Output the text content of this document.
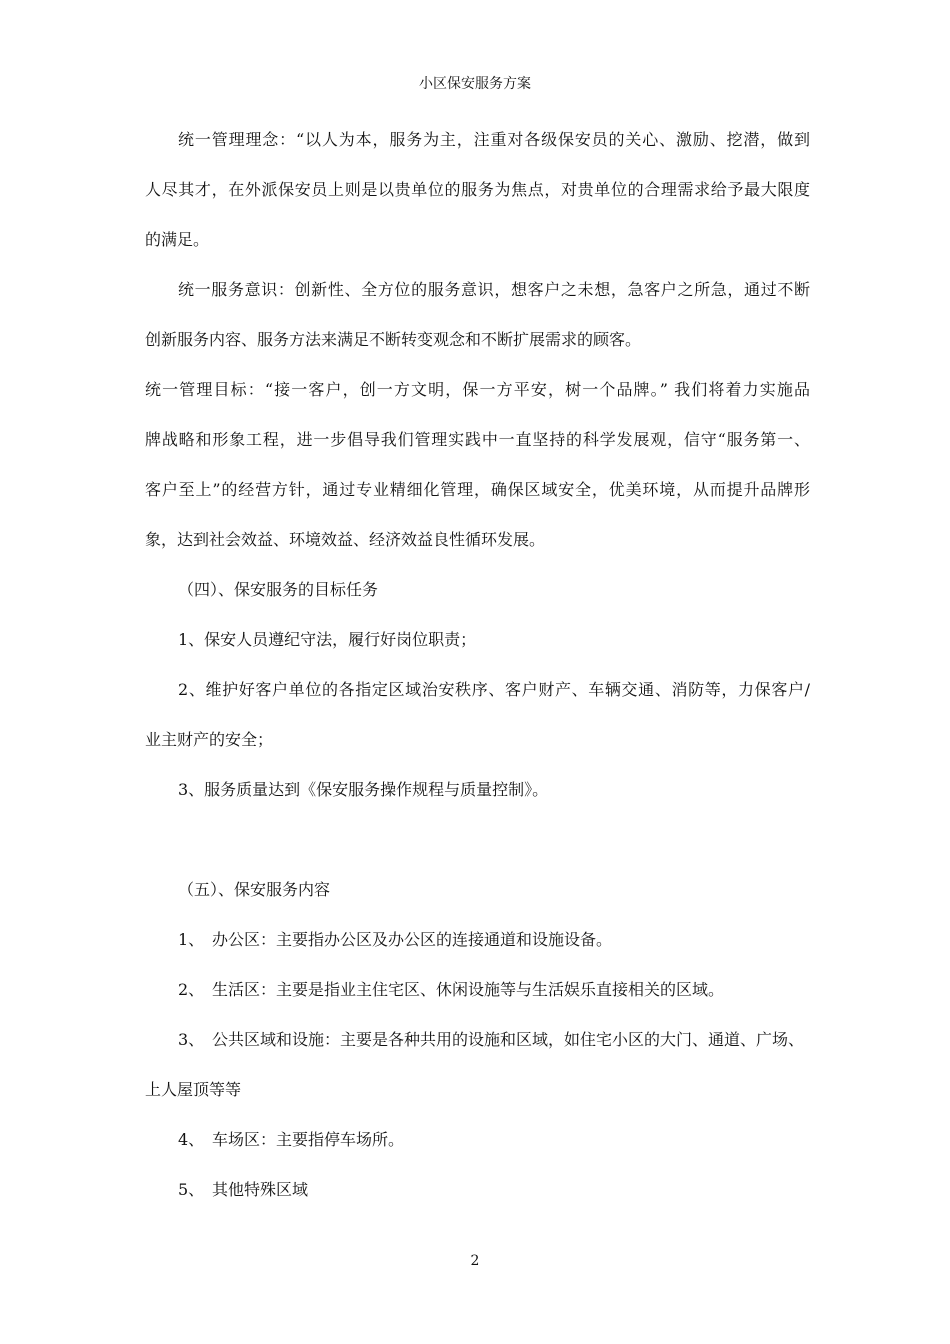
小区保安服务方案
统一管理理念：“以人为本，服务为主，注重对各级保安员的关心、激励、挖潜，做到
人尽其才，在外派保安员上则是以贵单位的服务为焦点，对贵单位的合理需求给予最大限度
的满足。
统一服务意识：创新性、全方位的服务意识，想客户之未想，急客户之所急，通过不断
创新服务内容、服务方法来满足不断转变观念和不断扩展需求的顾客。
统一管理目标：“接一客户，创一方文明，保一方平安，树一个品牌。” 我们将着力实施品
牌战略和形象工程，进一步倡导我们管理实践中一直坚持的科学发展观，信守“服务第一、
客户至上”的经营方针，通过专业精细化管理，确保区域安全，优美环境，从而提升品牌形
象，达到社会效益、环境效益、经济效益良性循环发展。
（四）、保安服务的目标任务
1、保安人员遵纪守法，履行好岗位职责；
2、维护好客户单位的各指定区域治安秩序、客户财产、车辆交通、消防等，力保客户/
业主财产的安全；
3、服务质量达到《保安服务操作规程与质量控制》。
（五）、保安服务内容
1、 办公区：主要指办公区及办公区的连接通道和设施设备。
2、 生活区：主要是指业主住宅区、休闲设施等与生活娱乐直接相关的区域。
3、 公共区域和设施：主要是各种共用的设施和区域，如住宅小区的大门、通道、广场、
上人屋顶等等
4、 车场区：主要指停车场所。
5、 其他特殊区域
2
